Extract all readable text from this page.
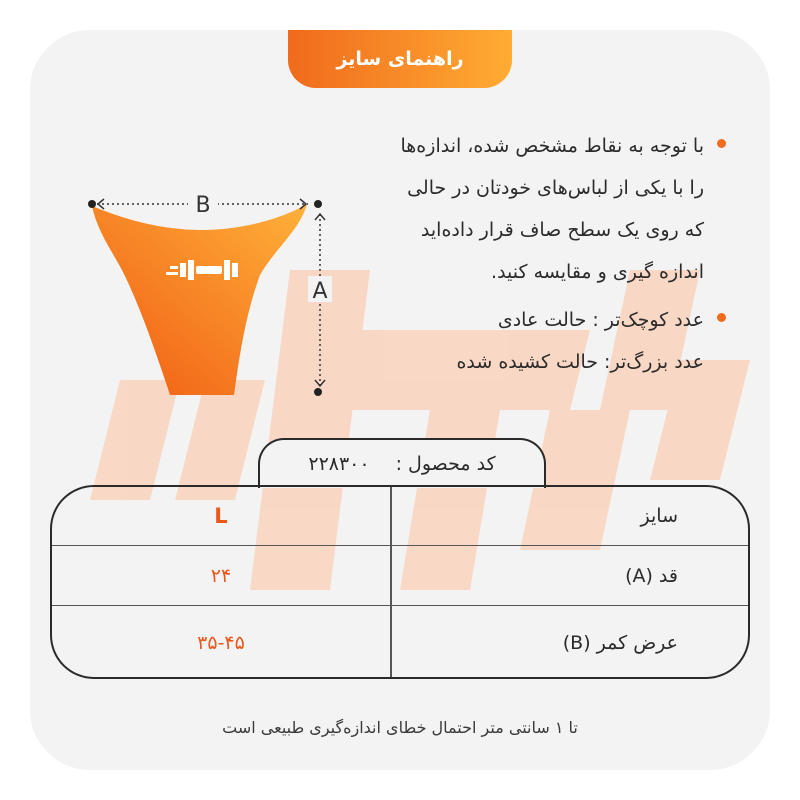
راهنمای سایز
B
A
با توجه به نقاط مشخص شده، اندازه‌ها
را با یکی از لباس‌های خودتان در حالی
که روی یک سطح صاف قرار داده‌اید
اندازه گیری و مقایسه کنید.
عدد کوچک‌تر : حالت عادی
عدد بزرگ‌تر: حالت کشیده شده
کد محصول :
۲۲۸۳۰۰
L	سایز
۲۴	قد (A)
۳۵-۴۵	عرض کمر (B)
تا ۱ سانتی متر احتمال خطای اندازه‌گیری طبیعی است
